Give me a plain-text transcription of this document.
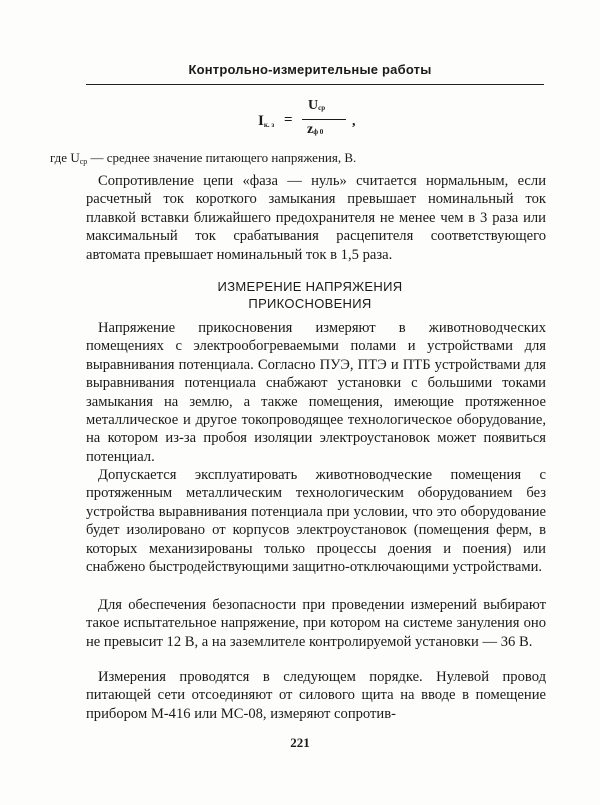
Контрольно-измерительные работы
$I_{к. з}$ =
$U_{ср}$
$z_{ф 0}$
,
где $U_{ср}$ — среднее значение питающего напряжения, В.
Сопротивление цепи «фаза — нуль» считается нормальным, если расчетный ток короткого замыкания превышает номинальный ток плавкой вставки ближайшего предохранителя не менее чем в 3 раза или максимальный ток срабатывания расцепителя соответствующего автомата превышает номинальный ток в 1,5 раза.
ИЗМЕРЕНИЕ НАПРЯЖЕНИЯ
ПРИКОСНОВЕНИЯ
Напряжение прикосновения измеряют в животноводческих помещениях с электрообогреваемыми полами и устройствами для выравнивания потенциала. Согласно ПУЭ, ПТЭ и ПТБ устройствами для выравнивания потенциала снабжают установки с большими токами замыкания на землю, а также помещения, имеющие протяженное металлическое и другое токопроводящее технологическое оборудование, на котором из-за пробоя изоляции электроустановок может появиться потенциал.
Допускается эксплуатировать животноводческие помещения с протяженным металлическим технологическим оборудованием без устройства выравнивания потенциала при условии, что это оборудование будет изолировано от корпусов электроустановок (помещения ферм, в которых механизированы только процессы доения и поения) или снабжено быстродействующими защитно-отключающими устройствами.
Для обеспечения безопасности при проведении измерений выбирают такое испытательное напряжение, при котором на системе зануления оно не превысит 12 В, а на заземлителе контролируемой установки — 36 В.
Измерения проводятся в следующем порядке. Нулевой провод питающей сети отсоединяют от силового щита на вводе в помещение прибором М-416 или МС-08, измеряют сопротив-
221
